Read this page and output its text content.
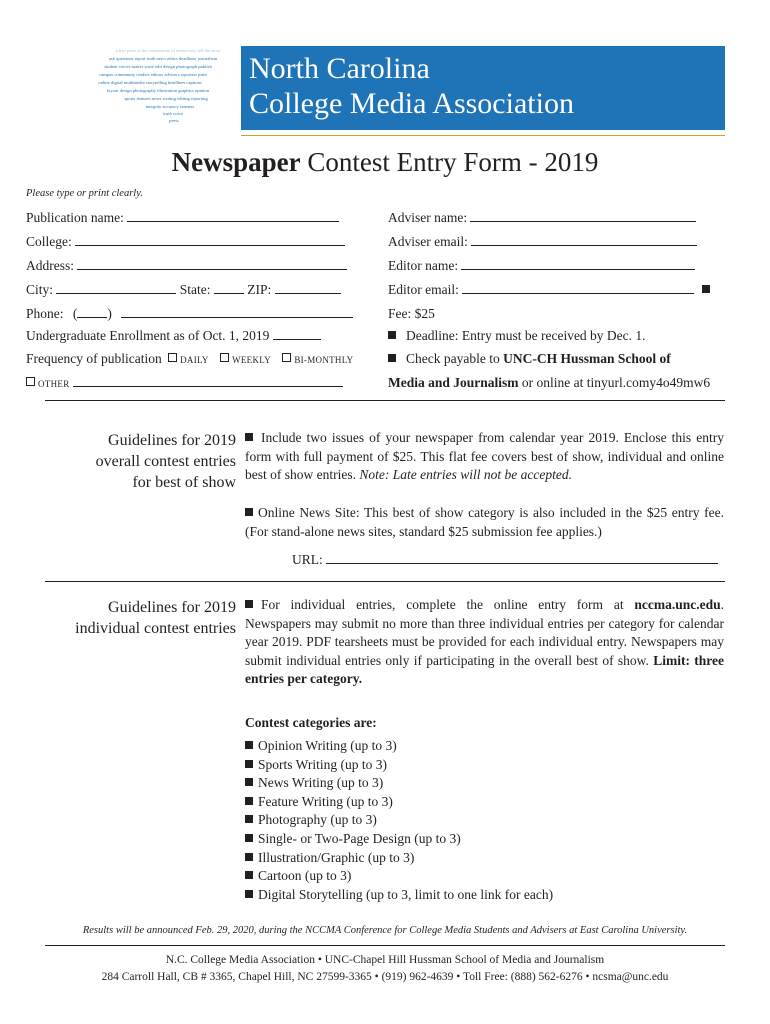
a free press is the cornerstone of democracy tell the story
ask questions report truth news ethics deadlines journalism
student voices matter write edit design photograph publish
campus community readers editors advisers reporters print
online digital multimedia storytelling headlines captions
layout design photography illustration graphics opinion
sports features news writing editing reporting
integrity accuracy fairness
truth voice
press
North Carolina
College Media Association
Newspaper Contest Entry Form - 2019
Please type or print clearly.
Publication name:
College:
Address:
City:	State:	ZIP:
Phone: ( )
Undergraduate Enrollment as of Oct. 1, 2019
Frequency of publication DAILY	WEEKLY	BI-MONTHLY
OTHER
Adviser name:
Adviser email:
Editor name:
Editor email:
Fee: $25
Deadline: Entry must be received by Dec. 1.
Check payable to UNC-CH Hussman School of
Media and Journalism or online at tinyurl.comy4o49mw6
Guidelines for 2019
overall contest entries
for best of show
Include two issues of your newspaper from calendar year 2019. Enclose this entry form with full payment of $25. This flat fee covers best of show, individual and online best of show entries. Note: Late entries will not be accepted.
Online News Site: This best of show category is also included in the $25 entry fee. (For stand-alone news sites, standard $25 submission fee applies.)
URL:
Guidelines for 2019
individual contest entries
For individual entries, complete the online entry form at nccma.unc.edu. Newspapers may submit no more than three individual entries per category for calendar year 2019. PDF tearsheets must be provided for each individual entry. Newspapers may submit individual entries only if participating in the overall best of show. Limit: three entries per category.
Contest categories are:
Opinion Writing (up to 3)
Sports Writing (up to 3)
News Writing (up to 3)
Feature Writing (up to 3)
Photography (up to 3)
Single- or Two-Page Design (up to 3)
Illustration/Graphic (up to 3)
Cartoon (up to 3)
Digital Storytelling (up to 3, limit to one link for each)
Results will be announced Feb. 29, 2020, during the NCCMA Conference for College Media Students and Advisers at East Carolina University.
N.C. College Media Association • UNC-Chapel Hill Hussman School of Media and Journalism
284 Carroll Hall, CB # 3365, Chapel Hill, NC 27599-3365 • (919) 962-4639 • Toll Free: (888) 562-6276 • ncsma@unc.edu
